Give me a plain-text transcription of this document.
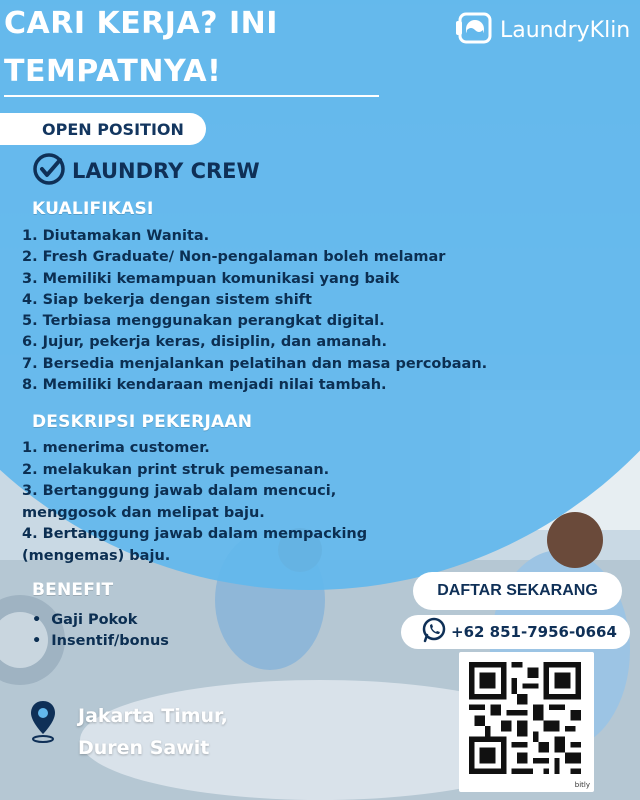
CARI KERJA? INI
TEMPATNYA!
LaundryKlin
OPEN POSITION
LAUNDRY CREW
KUALIFIKASI
1. Diutamakan Wanita.
2. Fresh Graduate/ Non-pengalaman boleh melamar
3. Memiliki kemampuan komunikasi yang baik
4. Siap bekerja dengan sistem shift
5. Terbiasa menggunakan perangkat digital.
6. Jujur, pekerja keras, disiplin, dan amanah.
7. Bersedia menjalankan pelatihan dan masa percobaan.
8. Memiliki kendaraan menjadi nilai tambah.
DESKRIPSI PEKERJAAN
1. menerima customer.
2. melakukan print struk pemesanan.
3. Bertanggung jawab dalam mencuci,
menggosok dan melipat baju.
4. Bertanggung jawab dalam mempacking
(mengemas) baju.
BENEFIT
• Gaji Pokok
• Insentif/bonus
Jakarta Timur,
Duren Sawit
DAFTAR SEKARANG
+62 851-7956-0664
bitly
